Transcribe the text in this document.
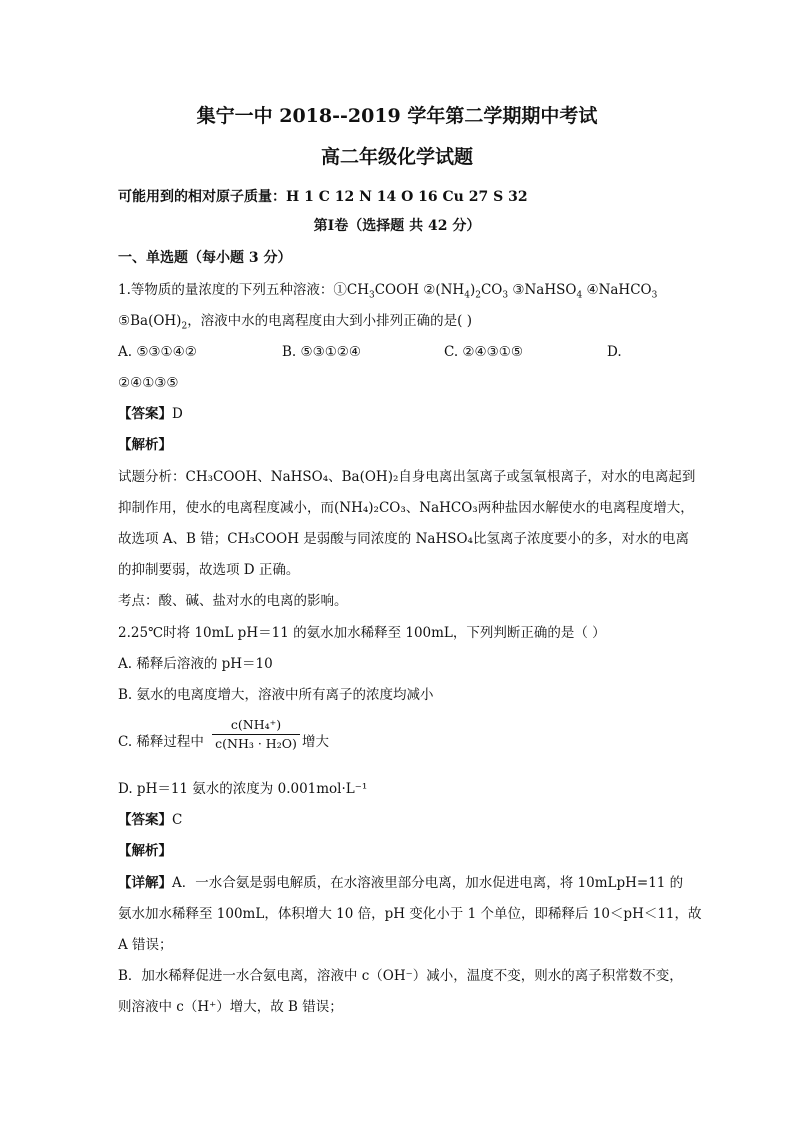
集宁一中 2018--2019 学年第二学期期中考试
高二年级化学试题
可能用到的相对原子质量：H 1 C 12 N 14 O 16 Cu 27 S 32
第Ⅰ卷（选择题 共 42 分）
一、单选题（每小题 3 分）
1.等物质的量浓度的下列五种溶液：$①CH_3COOH$ $②(NH_4)_2CO_3$ ③NaHSO$_4$ ④NaHCO$_3$
$⑤Ba(OH)_2$，溶液中水的电离程度由大到小排列正确的是( )
A. ⑤③①④②	B. ⑤③①②④	C. ②④③①⑤	D.
②④①③⑤
【答案】D
【解析】
试题分析：CH₃COOH、NaHSO₄、Ba(OH)₂自身电离出氢离子或氢氧根离子，对水的电离起到
抑制作用，使水的电离程度减小，而(NH₄)₂CO₃、NaHCO₃两种盐因水解使水的电离程度增大，
故选项 A、B 错；CH₃COOH 是弱酸与同浓度的 NaHSO₄比氢离子浓度要小的多，对水的电离
的抑制要弱，故选项 D 正确。
考点：酸、碱、盐对水的电离的影响。
2.25℃时将 10mL pH＝11 的氨水加水稀释至 100mL，下列判断正确的是（ ）
A. 稀释后溶液的 pH＝10
B. 氨水的电离度增大，溶液中所有离子的浓度均减小
C. 稀释过程中
c(NH₄⁺)
c(NH₃ · H₂O) 增大
D. pH＝11 氨水的浓度为 0.001mol·L⁻¹
【答案】C
【解析】
【详解】A．一水合氨是弱电解质，在水溶液里部分电离，加水促进电离，将 10mLpH=11 的
氨水加水稀释至 100mL，体积增大 10 倍，pH 变化小于 1 个单位，即稀释后 10＜pH＜11，故
A 错误；
B．加水稀释促进一水合氨电离，溶液中 c（OH⁻）减小，温度不变，则水的离子积常数不变，
则溶液中 c（H⁺）增大，故 B 错误；
